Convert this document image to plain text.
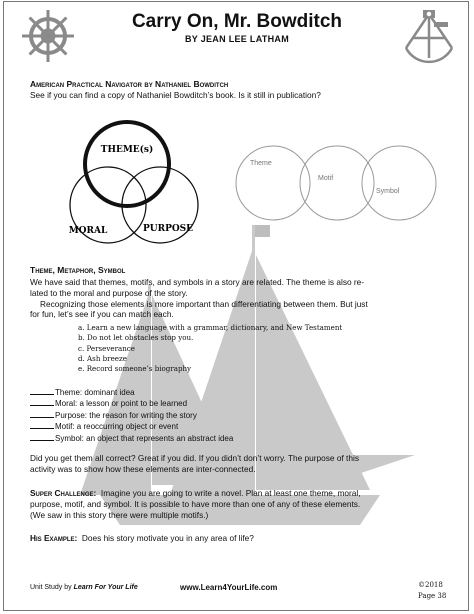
Carry On, Mr. Bowditch
BY JEAN LEE LATHAM
American Practical Navigator by Nathaniel Bowditch
See if you can find a copy of Nathaniel Bowditch’s book. Is it still in publication?
THEME(s)
MORAL	PURPOSE
Theme
Motif
Symbol
Theme, Metaphor, Symbol
We have said that themes, motifs, and symbols in a story are related. The theme is also re-
lated to the moral and purpose of the story.
Recognizing those elements is more important than differentiating between them. But just
for fun, let’s see if you can match each.
a. Learn a new language with a grammar, dictionary, and New Testament
b. Do not let obstacles stop you.
c. Perseverance
d. Ash breeze
e. Record someone’s biography
Theme: dominant idea
Moral: a lesson or point to be learned
Purpose: the reason for writing the story
Motif: a reoccurring object or event
Symbol: an object that represents an abstract idea
Did you get them all correct? Great if you did. If you didn’t don’t worry. The purpose of this
activity was to show how these elements are inter-connected.
Super Challenge: Imagine you are going to write a novel. Plan at least one theme, moral,
purpose, motif, and symbol. It is possible to have more than one of any of these elements.
(We saw in this story there were multiple motifs.)
His Example: Does his story motivate you in any area of life?
Unit Study by Learn For Your Life	www.Learn4YourLife.com	©2018
Page 38
